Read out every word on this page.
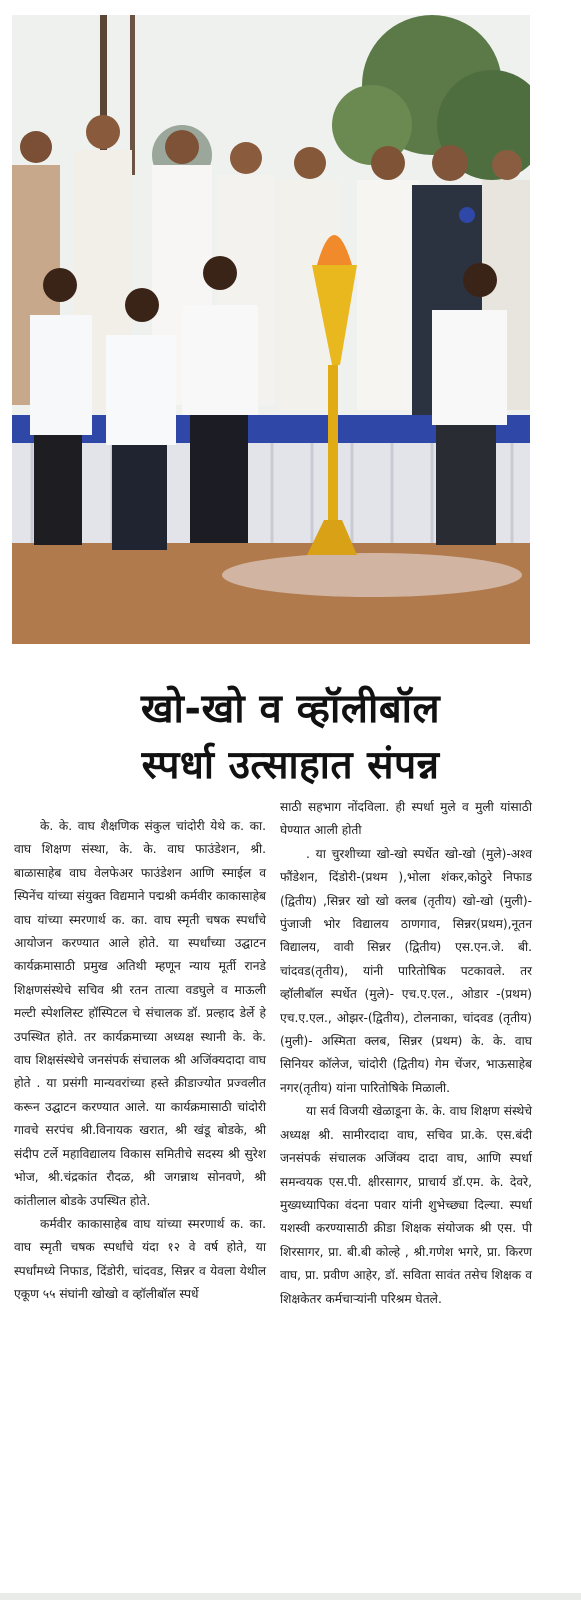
खो-खो व व्हॉलीबॉल
स्पर्धा उत्साहात संपन्न

के. के. वाघ शैक्षणिक संकुल चांदोरी येथे क. का. वाघ शिक्षण संस्था, के. के. वाघ फाउंडेशन, श्री. बाळासाहेब वाघ वेलफेअर फाउंडेशन आणि स्माईल व स्पिनेंच यांच्या संयुक्त विद्यमाने पद्मश्री कर्मवीर काकासाहेब वाघ यांच्या स्मरणार्थ क. का. वाघ स्मृती चषक स्पर्धांचे आयोजन करण्यात आले होते. या स्पर्धांच्या उद्घाटन कार्यक्रमासाठी प्रमुख अतिथी म्हणून न्याय मूर्ती रानडे शिक्षणसंस्थेचे सचिव श्री रतन तात्या वडघुले व माऊली मल्टी स्पेशलिस्ट हॉस्पिटल चे संचालक डॉ. प्रल्हाद डेर्ले हे उपस्थित होते. तर कार्यक्रमाच्या अध्यक्ष स्थानी के. के. वाघ शिक्षसंस्थेचे जनसंपर्क संचालक श्री अजिंक्यदादा वाघ होते . या प्रसंगी मान्यवरांच्या हस्ते क्रीडाज्योत प्रज्वलीत करून उद्घाटन करण्यात आले. या कार्यक्रमासाठी चांदोरी गावचे सरपंच श्री.विनायक खरात, श्री खंडू बोडके, श्री संदीप टर्ले महाविद्यालय विकास समितीचे सदस्य श्री सुरेश भोज, श्री.चंद्रकांत रौदळ, श्री जगन्नाथ सोनवणे, श्री कांतीलाल बोडके उपस्थित होते.

कर्मवीर काकासाहेब वाघ यांच्या स्मरणार्थ क. का. वाघ स्मृती चषक स्पर्धांचे यंदा १२ वे वर्ष होते, या स्पर्धांमध्ये निफाड, दिंडोरी, चांदवड, सिन्नर व येवला येथील एकूण ५५ संघांनी खोखो व व्हॉलीबॉल स्पर्धे

साठी सहभाग नोंदविला. ही स्पर्धा मुले व मुली यांसाठी घेण्यात आली होती

. या चुरशीच्या खो-खो स्पर्धेत खो-खो (मुले)-अश्व फौंडेशन, दिंडोरी-(प्रथम ),भोला शंकर,कोठुरे निफाड (द्वितीय) ,सिन्नर खो खो क्लब (तृतीय) खो-खो (मुली)-पुंजाजी भोर विद्यालय ठाणगाव, सिन्नर(प्रथम),नूतन विद्यालय, वावी सिन्नर (द्वितीय) एस.एन.जे. बी. चांदवड(तृतीय), यांनी पारितोषिक पटकावले. तर व्हॉलीबॉल स्पर्धेत (मुले)- एच.ए.एल., ओडार -(प्रथम) एच.ए.एल., ओझर-(द्वितीय), टोलनाका, चांदवड (तृतीय) (मुली)- अस्मिता क्लब, सिन्नर (प्रथम) के. के. वाघ सिनियर कॉलेज, चांदोरी (द्वितीय) गेम चेंजर, भाऊसाहेब नगर(तृतीय) यांना पारितोषिके मिळाली.

या सर्व विजयी खेळाडूना के. के. वाघ शिक्षण संस्थेचे अध्यक्ष श्री. सामीरदादा वाघ, सचिव प्रा.के. एस.बंदी जनसंपर्क संचालक अजिंक्य दादा वाघ, आणि स्पर्धा समन्वयक एस.पी. क्षीरसागर, प्राचार्य डॉ.एम. के. देवरे, मुख्यध्यापिका वंदना पवार यांनी शुभेच्छ्या दिल्या. स्पर्धा यशस्वी करण्यासाठी क्रीडा शिक्षक संयोजक श्री एस. पी शिरसागर, प्रा. बी.बी कोल्हे , श्री.गणेश भगरे, प्रा. किरण वाघ, प्रा. प्रवीण आहेर, डॉ. सविता सावंत तसेच शिक्षक व शिक्षकेतर कर्मचाऱ्यांनी परिश्रम घेतले.
